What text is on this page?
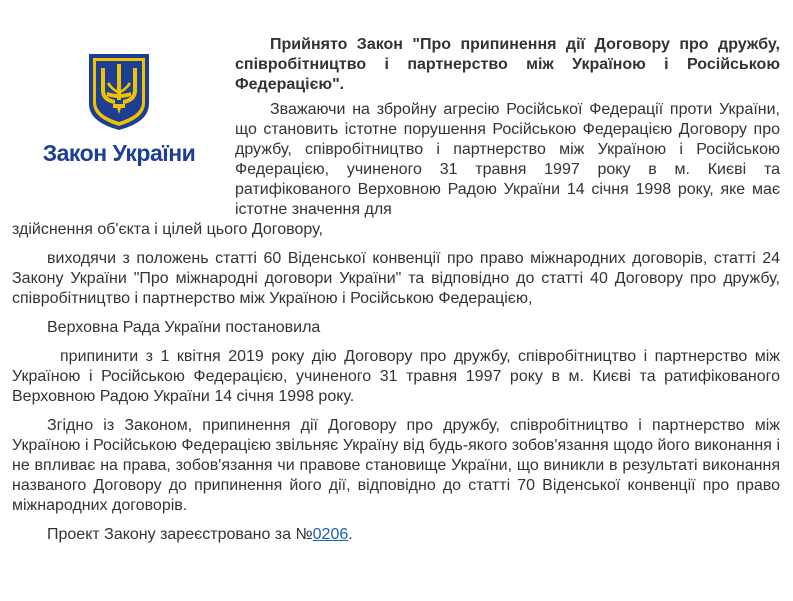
Закон України
Прийнято Закон "Про припинення дії Договору про дружбу, співробітництво і партнерство між Україною і Російською Федерацією".
Зважаючи на збройну агресію Російської Федерації проти України, що становить істотне порушення Російською Федерацією Договору про дружбу, співробітництво і партнерство між Україною і Російською Федерацією, учиненого 31 травня 1997 року в м. Києві та ратифікованого Верховною Радою України 14 січня 1998 року, яке має істотне значення для
здійснення об'єкта і цілей цього Договору,
виходячи з положень статті 60 Віденської конвенції про право міжнародних договорів, статті 24 Закону України "Про міжнародні договори України" та відповідно до статті 40 Договору про дружбу, співробітництво і партнерство між Україною і Російською Федерацією,
Верховна Рада України постановила
припинити з 1 квітня 2019 року дію Договору про дружбу, співробітництво і партнерство між Україною і Російською Федерацією, учиненого 31 травня 1997 року в м. Києві та ратифікованого Верховною Радою України 14 січня 1998 року.
Згідно із Законом, припинення дії Договору про дружбу, співробітництво і партнерство між Україною і Російською Федерацією звільняє Україну від будь-якого зобов'язання щодо його виконання і не впливає на права, зобов'язання чи правове становище України, що виникли в результаті виконання названого Договору до припинення його дії, відповідно до статті 70 Віденської конвенції про право міжнародних договорів.
Проект Закону зареєстровано за №0206.
